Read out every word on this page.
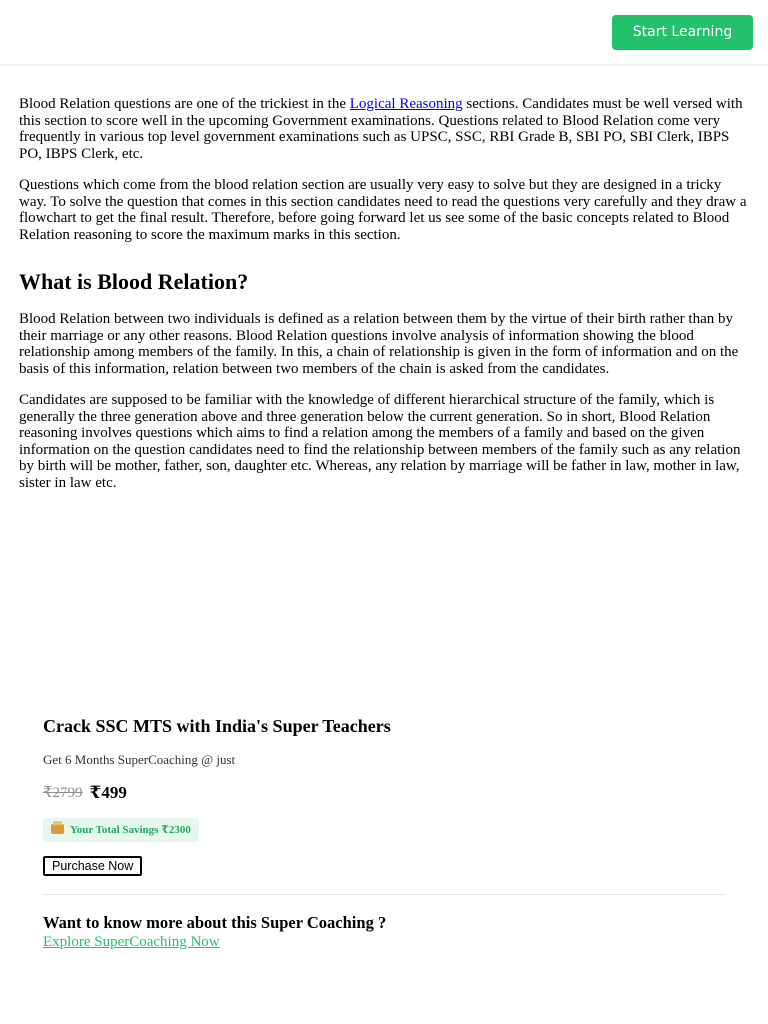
Start Learning

Blood Relation questions are one of the trickiest in the Logical Reasoning sections. Candidates must be well versed with this section to score well in the upcoming Government examinations. Questions related to Blood Relation come very frequently in various top level government examinations such as UPSC, SSC, RBI Grade B, SBI PO, SBI Clerk, IBPS PO, IBPS Clerk, etc.

Questions which come from the blood relation section are usually very easy to solve but they are designed in a tricky way. To solve the question that comes in this section candidates need to read the questions very carefully and they draw a flowchart to get the final result. Therefore, before going forward let us see some of the basic concepts related to Blood Relation reasoning to score the maximum marks in this section.

What is Blood Relation?

Blood Relation between two individuals is defined as a relation between them by the virtue of their birth rather than by their marriage or any other reasons. Blood Relation questions involve analysis of information showing the blood relationship among members of the family. In this, a chain of relationship is given in the form of information and on the basis of this information, relation between two members of the chain is asked from the candidates.

Candidates are supposed to be familiar with the knowledge of different hierarchical structure of the family, which is generally the three generation above and three generation below the current generation. So in short, Blood Relation reasoning involves questions which aims to find a relation among the members of a family and based on the given information on the question candidates need to find the relationship between members of the family such as any relation by birth will be mother, father, son, daughter etc. Whereas, any relation by marriage will be father in law, mother in law, sister in law etc.

Crack SSC MTS with India's Super Teachers

Get 6 Months SuperCoaching @ just

₹2799 ₹499
Your Total Savings ₹2300
Purchase Now
Want to know more about this Super Coaching ?
Explore SuperCoaching Now
